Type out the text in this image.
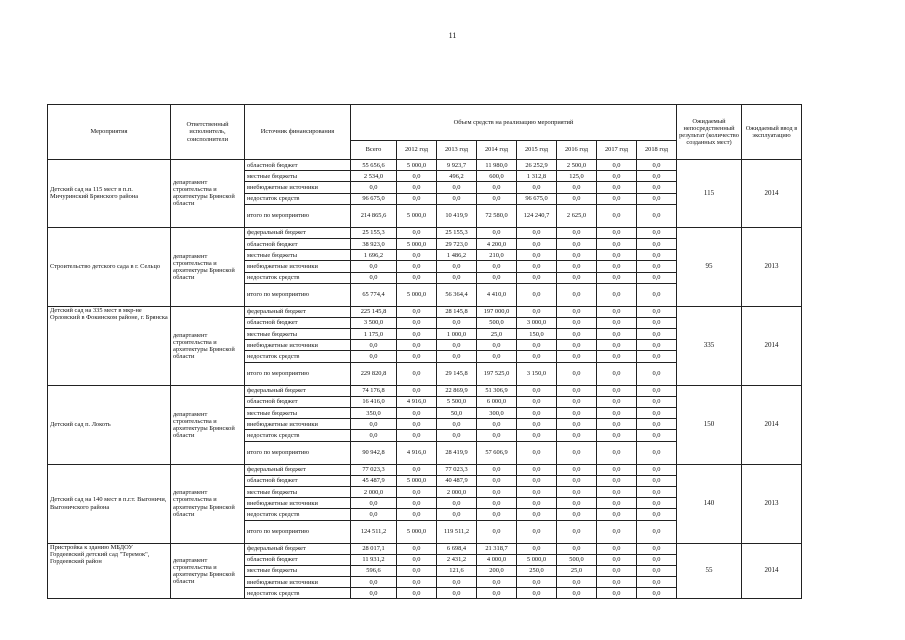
11
Мероприятия	Ответственный исполнитель, соисполнители	Источник финансирования	Объем средств на реализацию мероприятий								Ожидаемый непосредственный результат (количество созданных мест)	Ожидаемый ввод в эксплуатацию
			Всего	2012 год	2013 год	2014 год	2015 год	2016 год	2017 год	2018 год		
Детский сад на 115 мест в п.п. Мичуринский Брянского района	департамент строительства и архитектуры Брянской области	областной бюджет	55 656,6	5 000,0	9 923,7	11 980,0	26 252,9	2 500,0	0,0	0,0	115	2014
		местные бюджеты	2 534,0	0,0	496,2	600,0	1 312,8	125,0	0,0	0,0		
		внебюджетные источники	0,0	0,0	0,0	0,0	0,0	0,0	0,0	0,0		
		недостаток средств	96 675,0	0,0	0,0	0,0	96 675,0	0,0	0,0	0,0		
		итого по мероприятию	214 865,6	5 000,0	10 419,9	72 580,0	124 240,7	2 625,0	0,0	0,0		
Строительство детского сада в г. Сельцо	департамент строительства и архитектуры Брянской области	федеральный бюджет	25 155,3	0,0	25 155,3	0,0	0,0	0,0	0,0	0,0	95	2013
		областной бюджет	38 923,0	5 000,0	29 723,0	4 200,0	0,0	0,0	0,0	0,0		
		местные бюджеты	1 696,2	0,0	1 486,2	210,0	0,0	0,0	0,0	0,0		
		внебюджетные источники	0,0	0,0	0,0	0,0	0,0	0,0	0,0	0,0		
		недостаток средств	0,0	0,0	0,0	0,0	0,0	0,0	0,0	0,0		
		итого по мероприятию	65 774,4	5 000,0	56 364,4	4 410,0	0,0	0,0	0,0	0,0		
Детский сад на 335 мест в мкр-не Орловский в Фокинском районе, г. Брянска	департамент строительства и архитектуры Брянской области	федеральный бюджет	225 145,8	0,0	28 145,8	197 000,0	0,0	0,0	0,0	0,0	335	2014
		областной бюджет	3 500,0	0,0	0,0	500,0	3 000,0	0,0	0,0	0,0		
		местные бюджеты	1 175,0	0,0	1 000,0	25,0	150,0	0,0	0,0	0,0		
		внебюджетные источники	0,0	0,0	0,0	0,0	0,0	0,0	0,0	0,0		
		недостаток средств	0,0	0,0	0,0	0,0	0,0	0,0	0,0	0,0		
		итого по мероприятию	229 820,8	0,0	29 145,8	197 525,0	3 150,0	0,0	0,0	0,0		
Детский сад п. Локоть	департамент строительства и архитектуры Брянской области	федеральный бюджет	74 176,8	0,0	22 869,9	51 306,9	0,0	0,0	0,0	0,0	150	2014
		областной бюджет	16 416,0	4 916,0	5 500,0	6 000,0	0,0	0,0	0,0	0,0		
		местные бюджеты	350,0	0,0	50,0	300,0	0,0	0,0	0,0	0,0		
		внебюджетные источники	0,0	0,0	0,0	0,0	0,0	0,0	0,0	0,0		
		недостаток средств	0,0	0,0	0,0	0,0	0,0	0,0	0,0	0,0		
		итого по мероприятию	90 942,8	4 916,0	28 419,9	57 606,9	0,0	0,0	0,0	0,0		
Детский сад на 140 мест в п.г.т. Выгоничи, Выгоничского района	департамент строительства и архитектуры Брянской области	федеральный бюджет	77 023,3	0,0	77 023,3	0,0	0,0	0,0	0,0	0,0	140	2013
		областной бюджет	45 487,9	5 000,0	40 487,9	0,0	0,0	0,0	0,0	0,0		
		местные бюджеты	2 000,0	0,0	2 000,0	0,0	0,0	0,0	0,0	0,0		
		внебюджетные источники	0,0	0,0	0,0	0,0	0,0	0,0	0,0	0,0		
		недостаток средств	0,0	0,0	0,0	0,0	0,0	0,0	0,0	0,0		
		итого по мероприятию	124 511,2	5 000,0	119 511,2	0,0	0,0	0,0	0,0	0,0		
Пристройка к зданию МБДОУ Гордеевский детский сад "Теремок", Гордеевский район	департамент строительства и архитектуры Брянской области	федеральный бюджет	28 017,1	0,0	6 698,4	21 318,7	0,0	0,0	0,0	0,0	55	2014
		областной бюджет	11 931,2	0,0	2 431,2	4 000,0	5 000,0	500,0	0,0	0,0		
		местные бюджеты	596,6	0,0	121,6	200,0	250,0	25,0	0,0	0,0		
		внебюджетные источники	0,0	0,0	0,0	0,0	0,0	0,0	0,0	0,0		
		недостаток средств	0,0	0,0	0,0	0,0	0,0	0,0	0,0	0,0		
